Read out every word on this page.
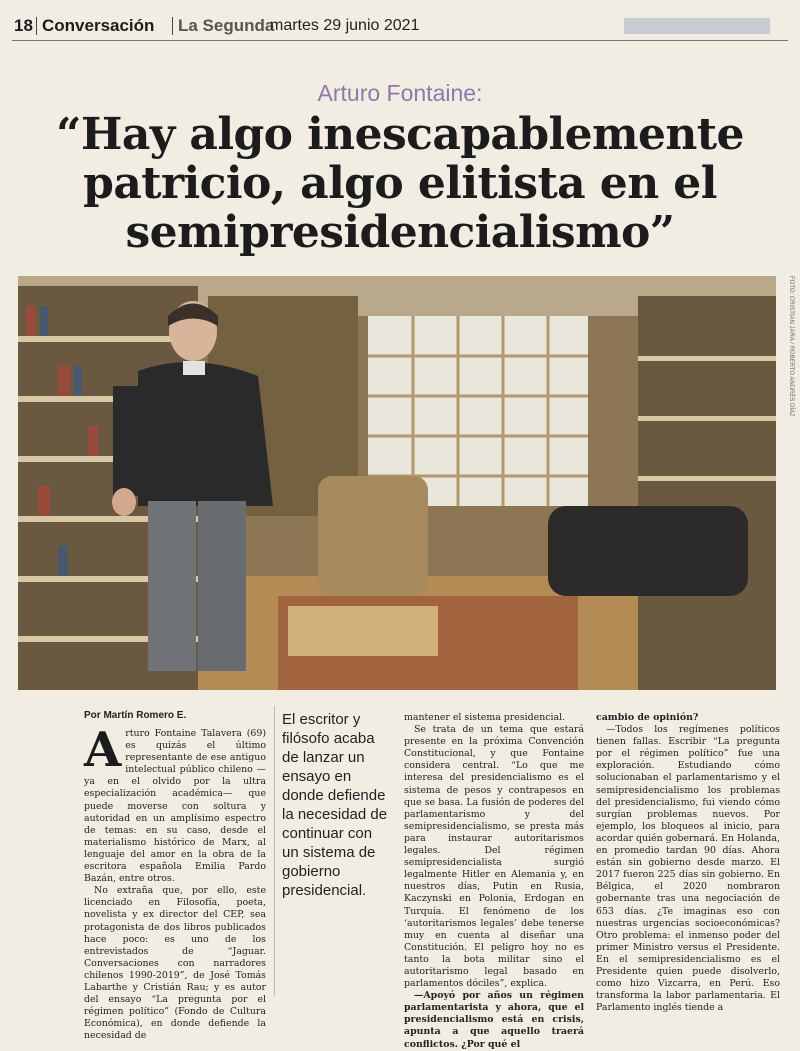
18 Conversación La Segunda
martes 29 junio 2021
Arturo Fontaine:
“Hay algo inescapablemente patricio, algo elitista en el semipresidencialismo”
FOTO: CRISTIAN JARA / ROBERTO ANDRÉS DÍAZ
Por Martín Romero E.
A rturo Fontaine Talavera (69) es quizás el último representante de ese antiguo intelectual público chileno —ya en el olvido por la ultra especialización académica— que puede moverse con soltura y autoridad en un amplísimo espectro de temas: en su caso, desde el materialismo histórico de Marx, al lenguaje del amor en la obra de la escritora española Emilia Pardo Bazán, entre otros.

No extraña que, por ello, este licenciado en Filosofía, poeta, novelista y ex director del CEP, sea protagonista de dos libros publicados hace poco: es uno de los entrevistados de “Jaguar. Conversaciones con narradores chilenos 1990-2019”, de José Tomás Labarthe y Cristián Rau; y es autor del ensayo “La pregunta por el régimen político” (Fondo de Cultura Económica), en donde defiende la necesidad de

El escritor y filósofo acaba de lanzar un ensayo en donde defiende la necesidad de continuar con un sistema de gobierno presidencial.

mantener el sistema presidencial.

Se trata de un tema que estará presente en la próxima Convención Constitucional, y que Fontaine considera central. “Lo que me interesa del presidencialismo es el sistema de pesos y contrapesos en que se basa. La fusión de poderes del parlamentarismo y del semipresidencialismo, se presta más para instaurar autoritarismos legales. Del régimen semipresidencialista surgió legalmente Hitler en Alemania y, en nuestros días, Putin en Rusia, Kaczynski en Polonia, Erdogan en Turquía. El fenómeno de los ‘autoritarismos legales’ debe tenerse muy en cuenta al diseñar una Constitución. El peligro hoy no es tanto la bota militar sino el autoritarismo legal basado en parlamentos dóciles”, explica.

—Apoyó por años un régimen parlamentarista y ahora, que el presidencialismo está en crisis, apunta a que aquello traerá conflictos. ¿Por qué el

cambio de opinión?

—Todos los regímenes políticos tienen fallas. Escribir “La pregunta por el régimen político” fue una exploración. Estudiando cómo solucionaban el parlamentarismo y el semipresidencialismo los problemas del presidencialismo, fui viendo cómo surgían problemas nuevos. Por ejemplo, los bloqueos al inicio, para acordar quién gobernará. En Holanda, en promedio tardan 90 días. Ahora están sin gobierno desde marzo. El 2017 fueron 225 días sin gobierno. En Bélgica, el 2020 nombraron gobernante tras una negociación de 653 días. ¿Te imaginas eso con nuestras urgencias socioeconómicas? Otro problema: el inmenso poder del primer Ministro versus el Presidente. En el semipresidencialismo es el Presidente quien puede disolverlo, como hizo Vizcarra, en Perú. Eso transforma la labor parlamentaria. El Parlamento inglés tiende a
